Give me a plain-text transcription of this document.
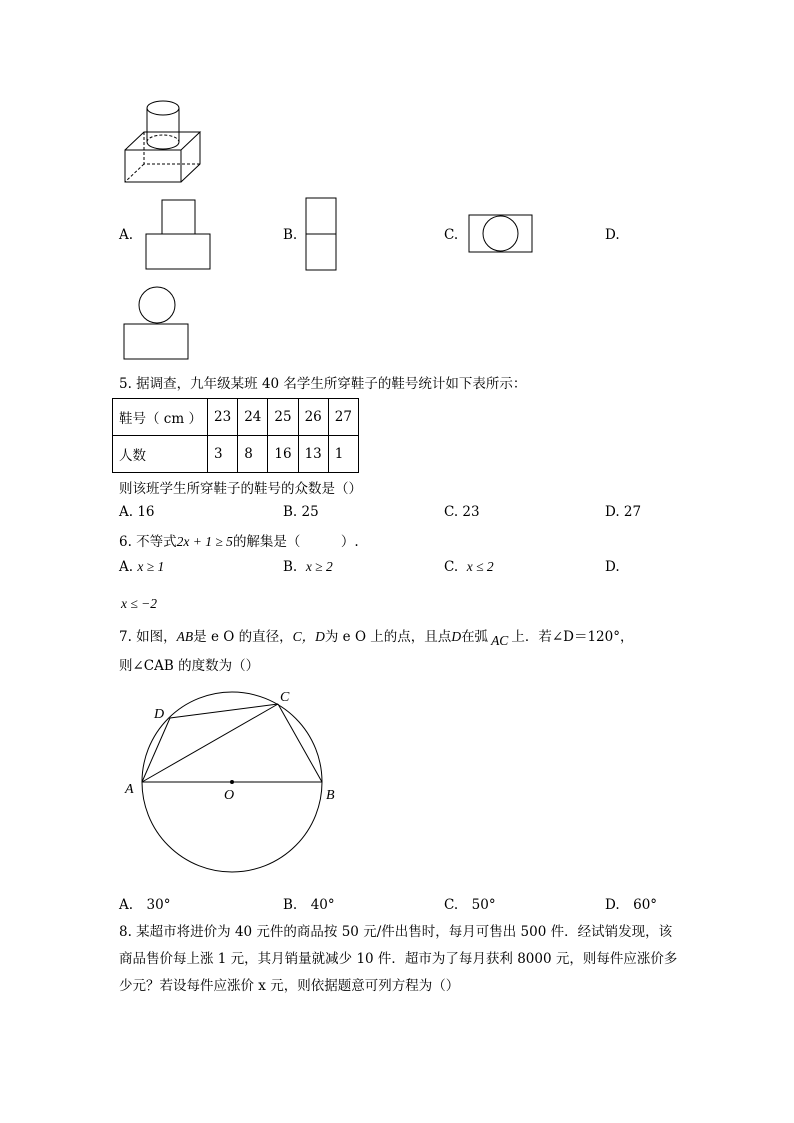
A.	B.	C.	D.
5. 据调查，九年级某班 40 名学生所穿鞋子的鞋号统计如下表所示：
鞋号（ cm ）	23	24	25	26	27
人数	3	8	16	13	1
则该班学生所穿鞋子的鞋号的众数是（）
A. 16	B. 25	C. 23	D. 27
6. 不等式2x + 1 ≥ 5的解集是（　　　）.
A. x ≥ 1	B. x ≥ 2	C. x ≤ 2	D.
x ≤ −2
7. 如图，AB是 e O 的直径，C，D为 e O 上的点，且点D在弧 AC 上．若∠D＝120°，
则∠CAB 的度数为（）
A	B
C
D
O
A.　30°	B.　40°	C.　50°	D.　60°
8. 某超市将进价为 40 元件的商品按 50 元/件出售时，每月可售出 500 件．经试销发现，该
商品售价每上涨 1 元，其月销量就减少 10 件．超市为了每月获利 8000 元，则每件应涨价多
少元？若设每件应涨价 x 元，则依据题意可列方程为（）
